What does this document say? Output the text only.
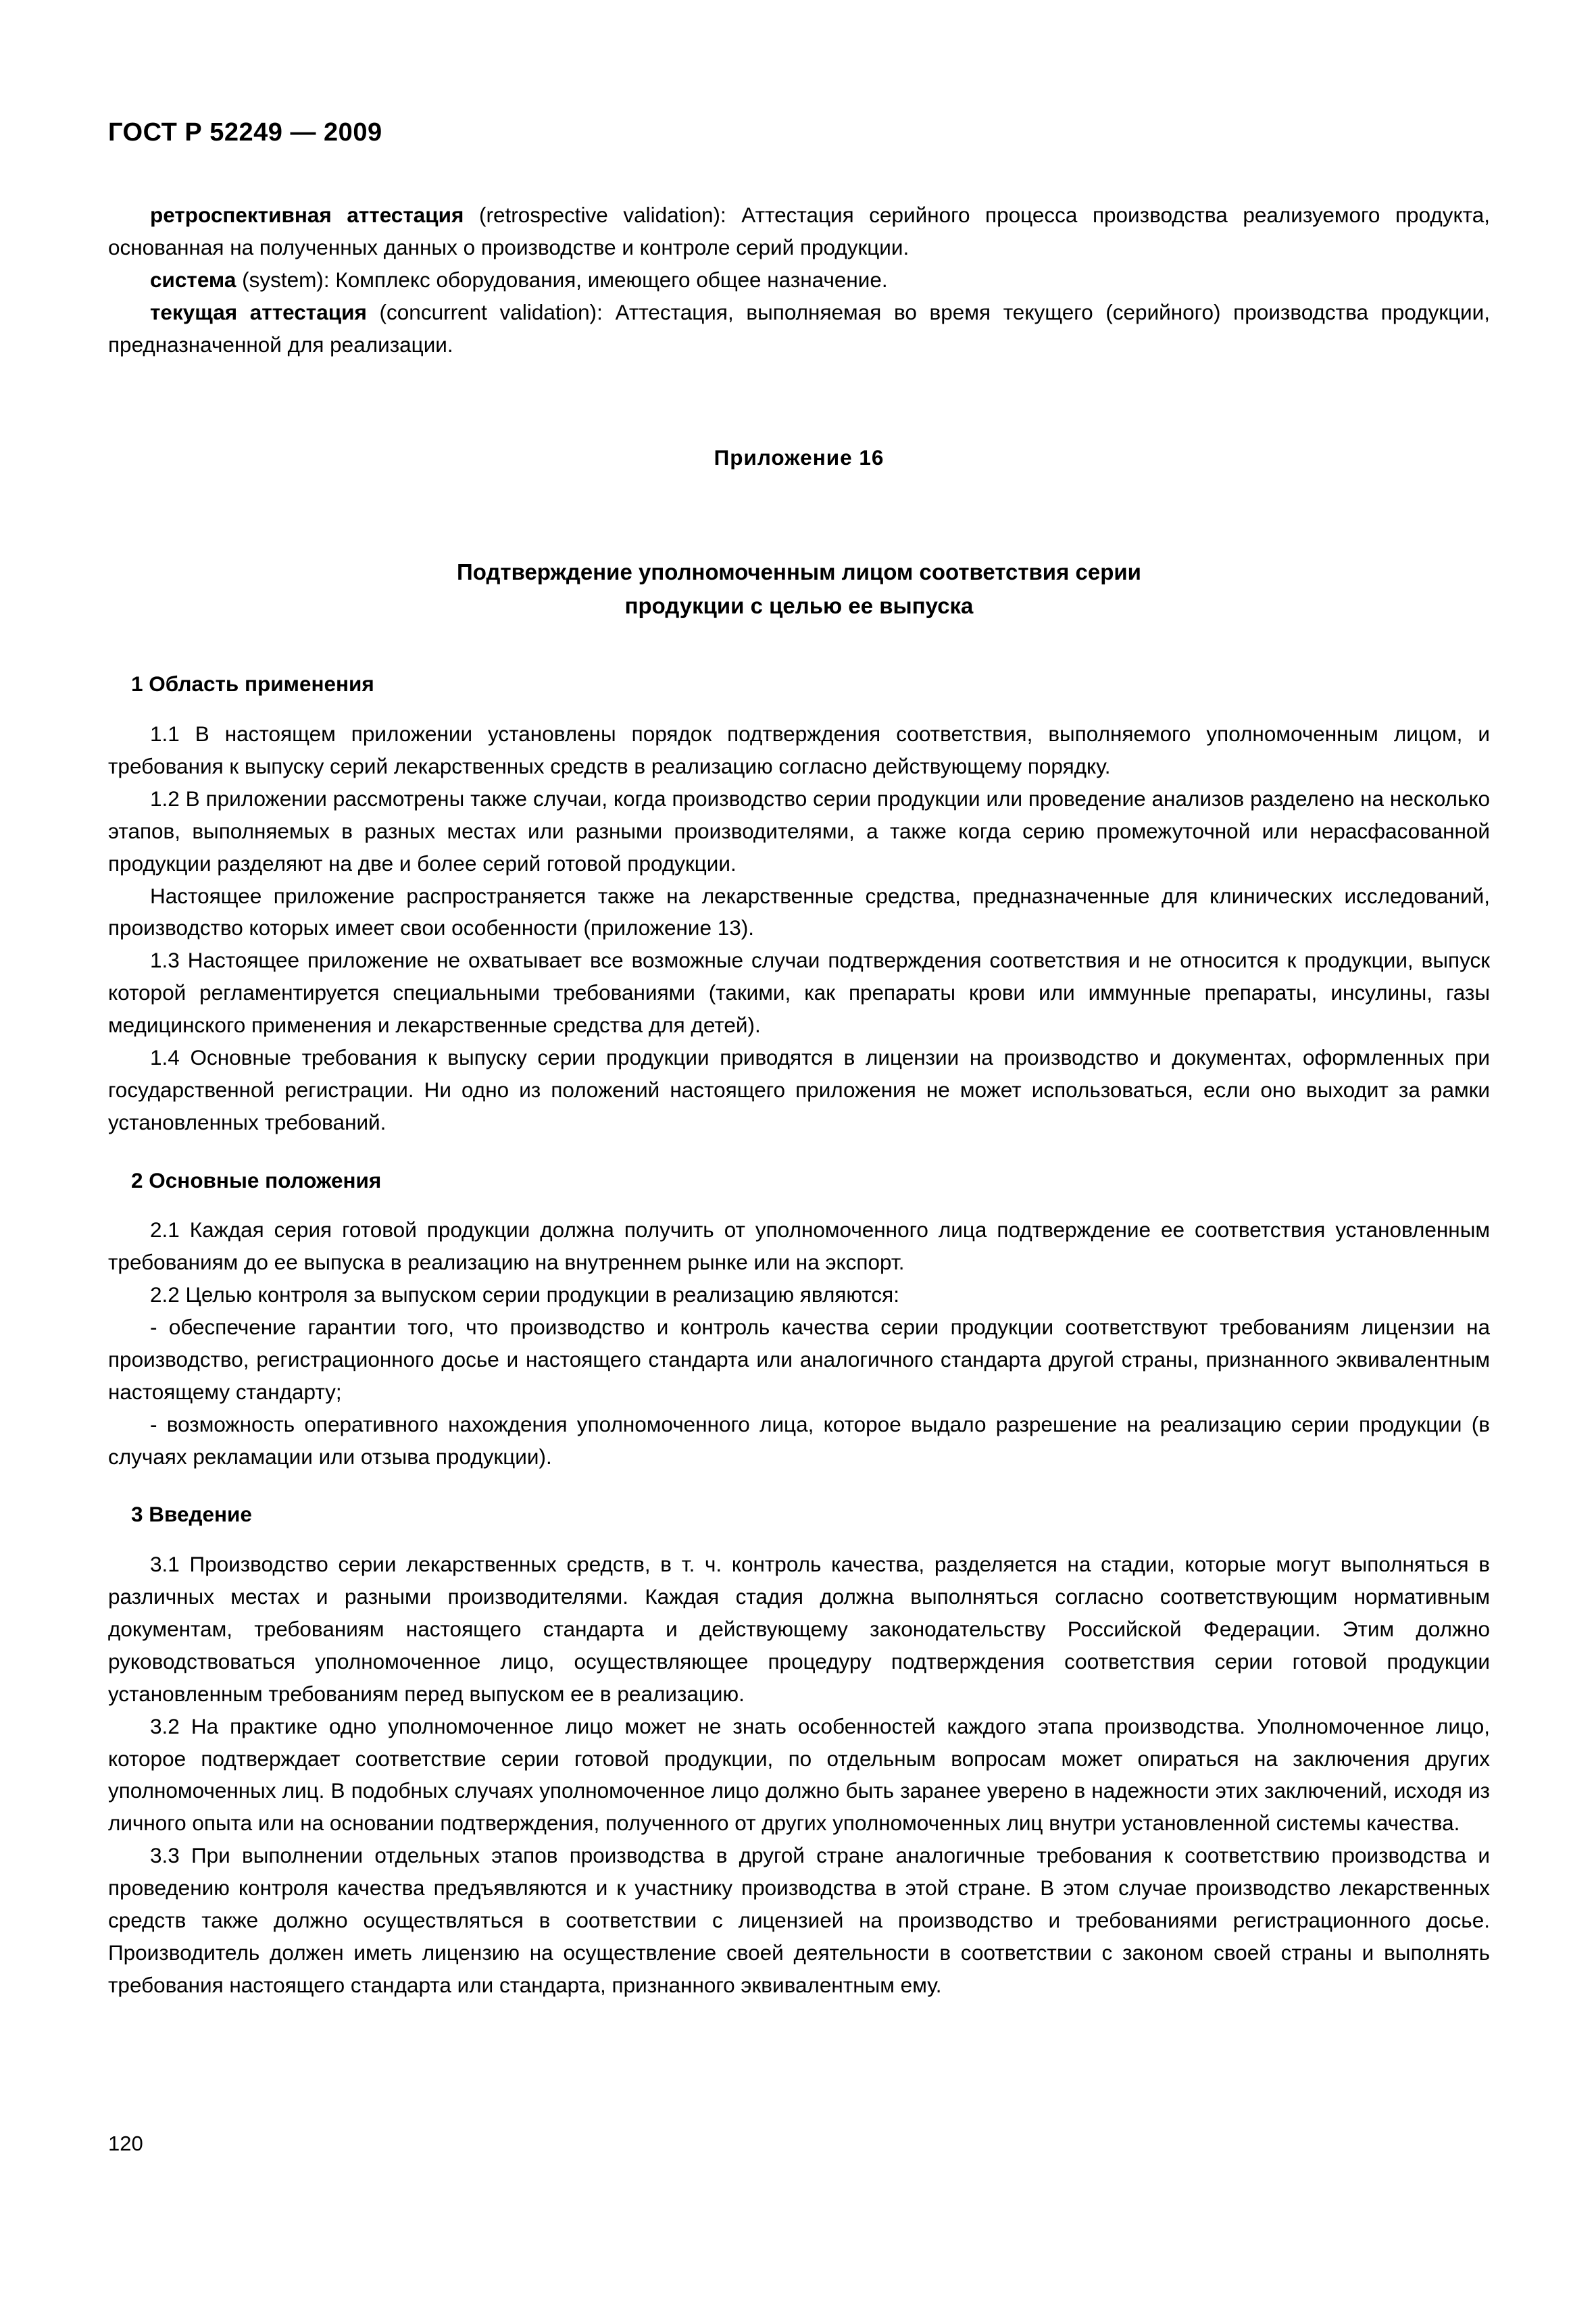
ГОСТ Р 52249 — 2009

ретроспективная аттестация (retrospective validation): Аттестация серийного процесса производства реализуемого продукта, основанная на полученных данных о производстве и контроле серий продукции.

система (system): Комплекс оборудования, имеющего общее назначение.

текущая аттестация (concurrent validation): Аттестация, выполняемая во время текущего (серийного) производства продукции, предназначенной для реализации.

Приложение 16

Подтверждение уполномоченным лицом соответствия серии

продукции с целью ее выпуска

1 Область применения

1.1 В настоящем приложении установлены порядок подтверждения соответствия, выполняемого уполномоченным лицом, и требования к выпуску серий лекарственных средств в реализацию согласно действующему порядку.

1.2 В приложении рассмотрены также случаи, когда производство серии продукции или проведение анализов разделено на несколько этапов, выполняемых в разных местах или разными производителями, а также когда серию промежуточной или нерасфасованной продукции разделяют на две и более серий готовой продукции.

Настоящее приложение распространяется также на лекарственные средства, предназначенные для клинических исследований, производство которых имеет свои особенности (приложение 13).

1.3 Настоящее приложение не охватывает все возможные случаи подтверждения соответствия и не относится к продукции, выпуск которой регламентируется специальными требованиями (такими, как препараты крови или иммунные препараты, инсулины, газы медицинского применения и лекарственные средства для детей).

1.4 Основные требования к выпуску серии продукции приводятся в лицензии на производство и документах, оформленных при государственной регистрации. Ни одно из положений настоящего приложения не может использоваться, если оно выходит за рамки установленных требований.

2 Основные положения

2.1 Каждая серия готовой продукции должна получить от уполномоченного лица подтверждение ее соответствия установленным требованиям до ее выпуска в реализацию на внутреннем рынке или на экспорт.

2.2 Целью контроля за выпуском серии продукции в реализацию являются:

- обеспечение гарантии того, что производство и контроль качества серии продукции соответствуют требованиям лицензии на производство, регистрационного досье и настоящего стандарта или аналогичного стандарта другой страны, признанного эквивалентным настоящему стандарту;

- возможность оперативного нахождения уполномоченного лица, которое выдало разрешение на реализацию серии продукции (в случаях рекламации или отзыва продукции).

3 Введение

3.1 Производство серии лекарственных средств, в т. ч. контроль качества, разделяется на стадии, которые могут выполняться в различных местах и разными производителями. Каждая стадия должна выполняться согласно соответствующим нормативным документам, требованиям настоящего стандарта и действующему законодательству Российской Федерации. Этим должно руководствоваться уполномоченное лицо, осуществляющее процедуру подтверждения соответствия серии готовой продукции установленным требованиям перед выпуском ее в реализацию.

3.2 На практике одно уполномоченное лицо может не знать особенностей каждого этапа производства. Уполномоченное лицо, которое подтверждает соответствие серии готовой продукции, по отдельным вопросам может опираться на заключения других уполномоченных лиц. В подобных случаях уполномоченное лицо должно быть заранее уверено в надежности этих заключений, исходя из личного опыта или на основании подтверждения, полученного от других уполномоченных лиц внутри установленной системы качества.

3.3 При выполнении отдельных этапов производства в другой стране аналогичные требования к соответствию производства и проведению контроля качества предъявляются и к участнику производства в этой стране. В этом случае производство лекарственных средств также должно осуществляться в соответствии с лицензией на производство и требованиями регистрационного досье. Производитель должен иметь лицензию на осуществление своей деятельности в соответствии с законом своей страны и выполнять требования настоящего стандарта или стандарта, признанного эквивалентным ему.

120
